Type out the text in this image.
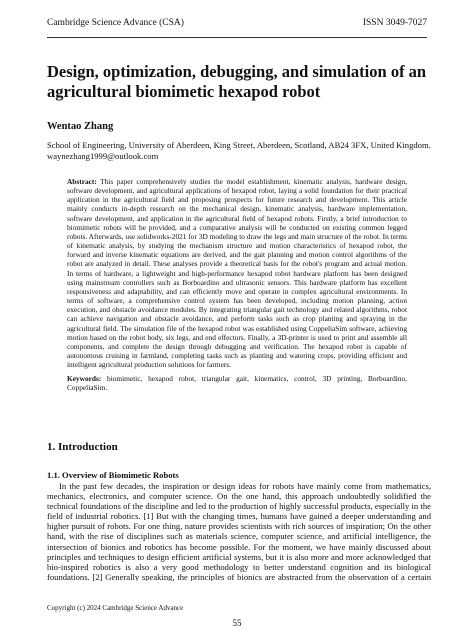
Cambridge Science Advance (CSA)	ISSN 3049-7027
Design, optimization, debugging, and simulation of an agricultural biomimetic hexapod robot
Wentao Zhang
School of Engineering, University of Aberdeen, King Street, Aberdeen, Scotland, AB24 3FX, United Kingdom.
waynezhang1999@outlook.com

Abstract: This paper comprehensively studies the model establishment, kinematic analysis, hardware design, software development, and agricultural applications of hexapod robot, laying a solid foundation for their practical application in the agricultural field and proposing prospects for future research and development. This article mainly conducts in-depth research on the mechanical design, kinematic analysis, hardware implementation, software development, and application in the agricultural field of hexapod robots. Firstly, a brief introduction to biomimetic robots will be provided, and a comparative analysis will be conducted on existing common legged robots. Afterwards, use solidworks-2021 for 3D modeling to draw the legs and main structure of the robot. In terms of kinematic analysis, by studying the mechanism structure and motion characteristics of hexapod robot, the forward and inverse kinematic equations are derived, and the gait planning and motion control algorithms of the robot are analyzed in detail. These analyses provide a theoretical basis for the robot's program and actual motion. In terms of hardware, a lightweight and high-performance hexapod robot hardware platform has been designed using mainstream controllers such as Borboardino and ultrasonic sensors. This hardware platform has excellent responsiveness and adaptability, and can efficiently move and operate in complex agricultural environments. In terms of software, a comprehensive control system has been developed, including motion planning, action execution, and obstacle avoidance modules. By integrating triangular gait technology and related algorithms, robot can achieve navigation and obstacle avoidance, and perform tasks such as crop planting and spraying in the agricultural field. The simulation file of the hexapod robot was established using CoppeliaSim software, achieving motion based on the robot body, six legs, and end effectors. Finally, a 3D-printer is used to print and assemble all components, and complete the design through debugging and verification. The hexapod robot is capable of autonomous cruising in farmland, completing tasks such as planting and watering crops, providing efficient and intelligent agricultural production solutions for farmers.

Keywords: biomimetic, hexapod robot, triangular gait, kinematics, control, 3D printing, Borboardino, CoppeliaSim.

1. Introduction
1.1. Overview of Biomimetic Robots

In the past few decades, the inspiration or design ideas for robots have mainly come from mathematics, mechanics, electronics, and computer science. On the one hand, this approach undoubtedly solidified the technical foundations of the discipline and led to the production of highly successful products, especially in the field of industrial robotics. [1] But with the changing times, humans have gained a deeper understanding and higher pursuit of robots. For one thing, nature provides scientists with rich sources of inspiration; On the other hand, with the rise of disciplines such as materials science, computer science, and artificial intelligence, the intersection of bionics and robotics has become possible. For the moment, we have mainly discussed about principles and techniques to design efficient artificial systems, but it is also more and more acknowledged that bio-inspired robotics is also a very good methodology to better understand cognition and its biological foundations. [2] Generally speaking, the principles of bionics are abstracted from the observation of a certain

Copyright (c) 2024 Cambridge Science Advance
55
